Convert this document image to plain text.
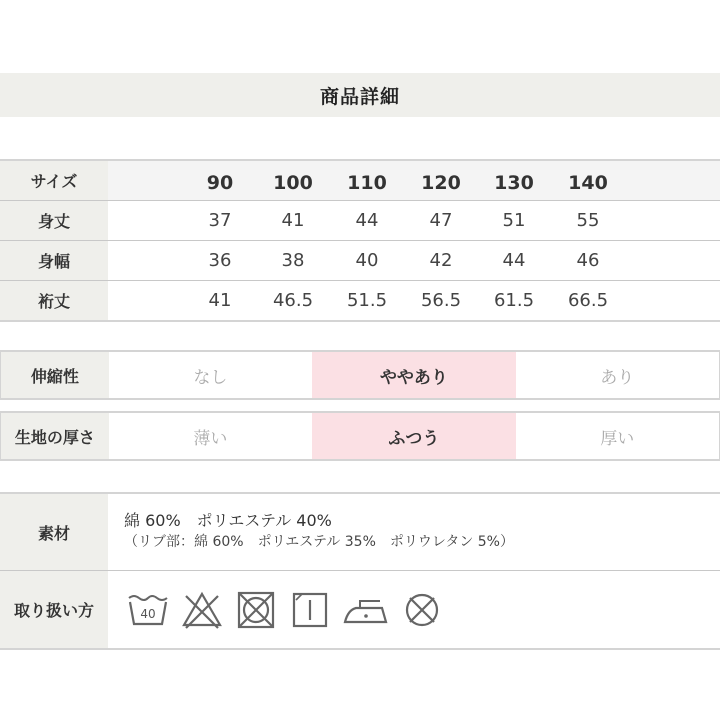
商品詳細
サイズ	90	100	110	120	130	140
身丈	37	41	44	47	51	55
身幅	36	38	40	42	44	46
裄丈	41	46.5	51.5	56.5	61.5	66.5
伸縮性	なし	ややあり	あり
生地の厚さ	薄い	ふつう	厚い
素材
綿 60%　ポリエステル 40%
（リブ部：綿 60%　ポリエステル 35%　ポリウレタン 5%）
取り扱い方	40
